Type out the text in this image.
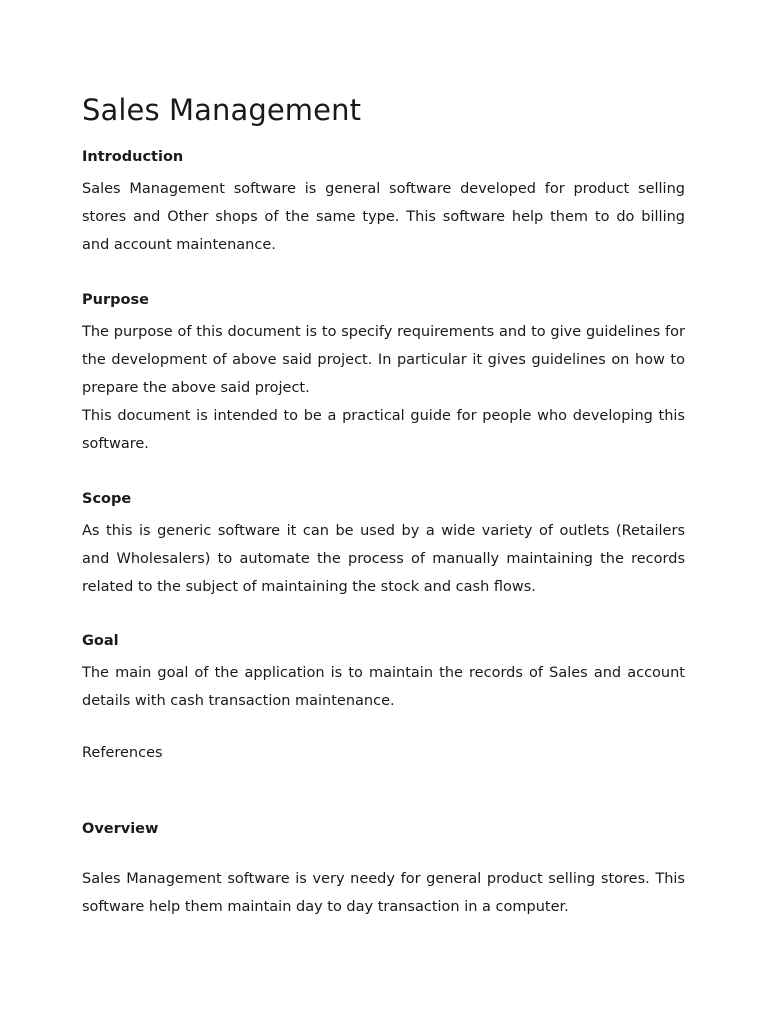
Sales Management
Introduction

Sales Management software is general software developed for product selling stores and Other shops of the same type. This software help them to do billing and account maintenance.

Purpose

The purpose of this document is to specify requirements and to give guidelines for the development of above said project. In particular it gives guidelines on how to prepare the above said project.

This document is intended to be a practical guide for people who developing this software.

Scope

As this is generic software it can be used by a wide variety of outlets (Retailers and Wholesalers) to automate the process of manually maintaining the records related to the subject of maintaining the stock and cash flows.

Goal

The main goal of the application is to maintain the records of Sales and account details with cash transaction maintenance.

References
Overview

Sales Management software is very needy for general product selling stores. This software help them maintain day to day transaction in a computer.
